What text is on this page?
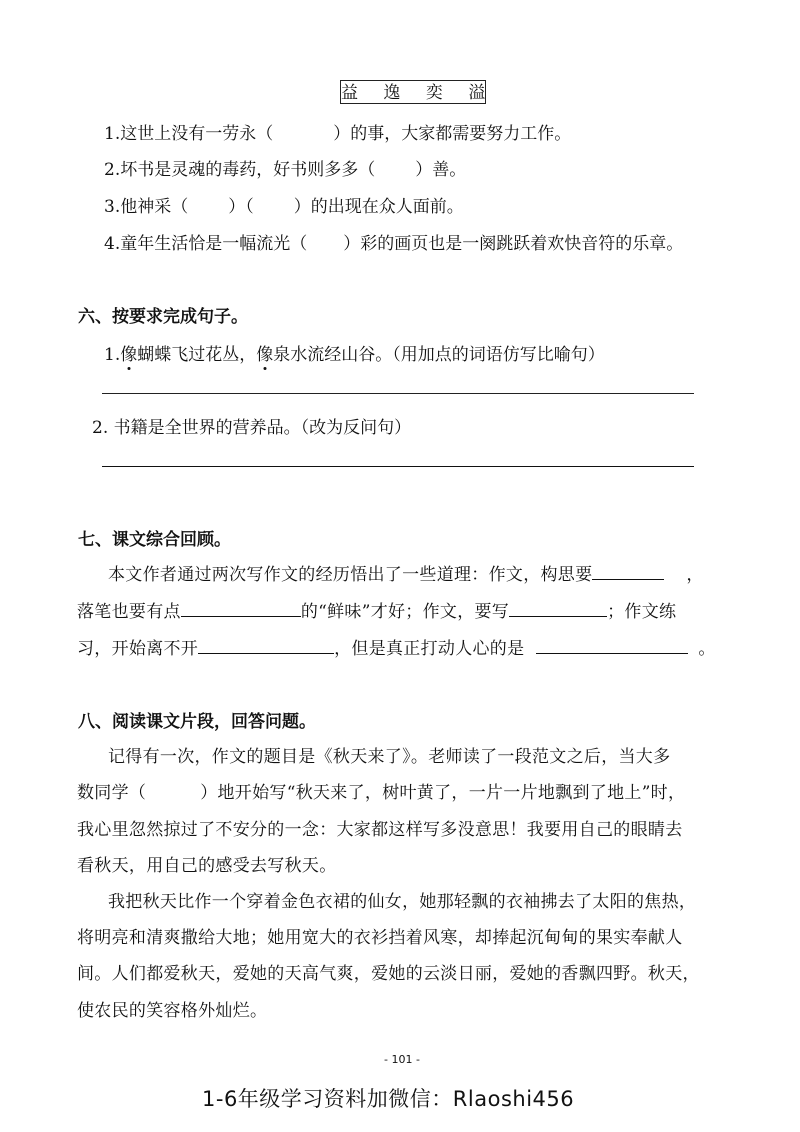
益 逸 奕 溢
1.这世上没有一劳永（	）的事，大家都需要努力工作。
2.坏书是灵魂的毒药，好书则多多（ ）善。
3.他神采（ ）（ ）的出现在众人面前。
4.童年生活恰是一幅流光（ ）彩的画页也是一阕跳跃着欢快音符的乐章。
六、按要求完成句子。
1.像蝴蝶飞过花丛，像泉水流经山谷。（用加点的词语仿写比喻句）
2. 书籍是全世界的营养品。（改为反问句）
七、课文综合回顾。
本文作者通过两次写作文的经历悟出了一些道理：作文，构思要	，
落笔也要有点	的“鲜味”才好；作文，要写	；作文练
习，开始离不开	，但是真正打动人心的是	。
八、阅读课文片段，回答问题。
记得有一次，作文的题目是《秋天来了》。老师读了一段范文之后，当大多
数同学（	）地开始写“秋天来了，树叶黄了，一片一片地飘到了地上”时，
我心里忽然掠过了不安分的一念：大家都这样写多没意思！我要用自己的眼睛去
看秋天，用自己的感受去写秋天。
我把秋天比作一个穿着金色衣裙的仙女，她那轻飘的衣袖拂去了太阳的焦热，
将明亮和清爽撒给大地；她用宽大的衣衫挡着风寒，却捧起沉甸甸的果实奉献人
间。人们都爱秋天，爱她的天高气爽，爱她的云淡日丽，爱她的香飘四野。秋天，
使农民的笑容格外灿烂。
- 101 -
1-6年级学习资料加微信：Rlaoshi456
